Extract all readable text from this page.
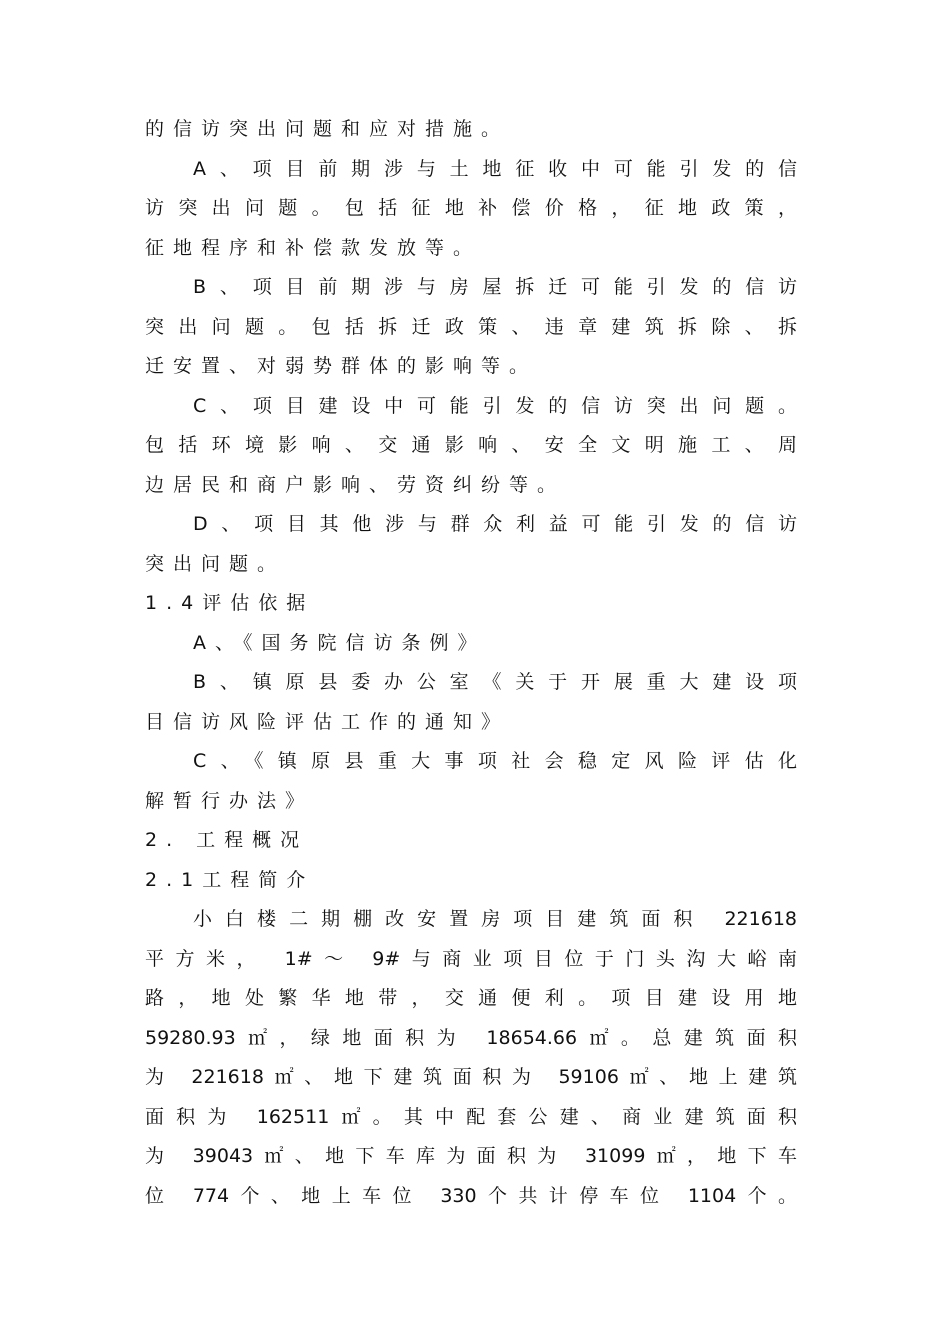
的信访突出问题和应对措施。
A、项目前期涉与土地征收中可能引发的信
访突出问题。包括征地补偿价格，征地政策，
征地程序和补偿款发放等。
B、项目前期涉与房屋拆迁可能引发的信访
突出问题。包括拆迁政策、违章建筑拆除、拆
迁安置、对弱势群体的影响等。
C、项目建设中可能引发的信访突出问题。
包括环境影响、交通影响、安全文明施工、周
边居民和商户影响、劳资纠纷等。
D、项目其他涉与群众利益可能引发的信访
突出问题。
1.4评估依据
A、《国务院信访条例》
B、镇原县委办公室《关于开展重大建设项
目信访风险评估工作的通知》
C、《镇原县重大事项社会稳定风险评估化
解暂行办法》
2. 工程概况
2.1工程简介
小白楼二期棚改安置房项目建筑面积 221618
平方米， 1#～ 9#与商业项目位于门头沟大峪南
路，地处繁华地带，交通便利。项目建设用地
59280.93㎡，绿地面积为 18654.66㎡。总建筑面积
为 221618㎡、地下建筑面积为 59106㎡、地上建筑
面积为 162511㎡。其中配套公建、商业建筑面积
为 39043㎡、地下车库为面积为 31099㎡，地下车
位 774个、地上车位 330个共计停车位 1104个。
